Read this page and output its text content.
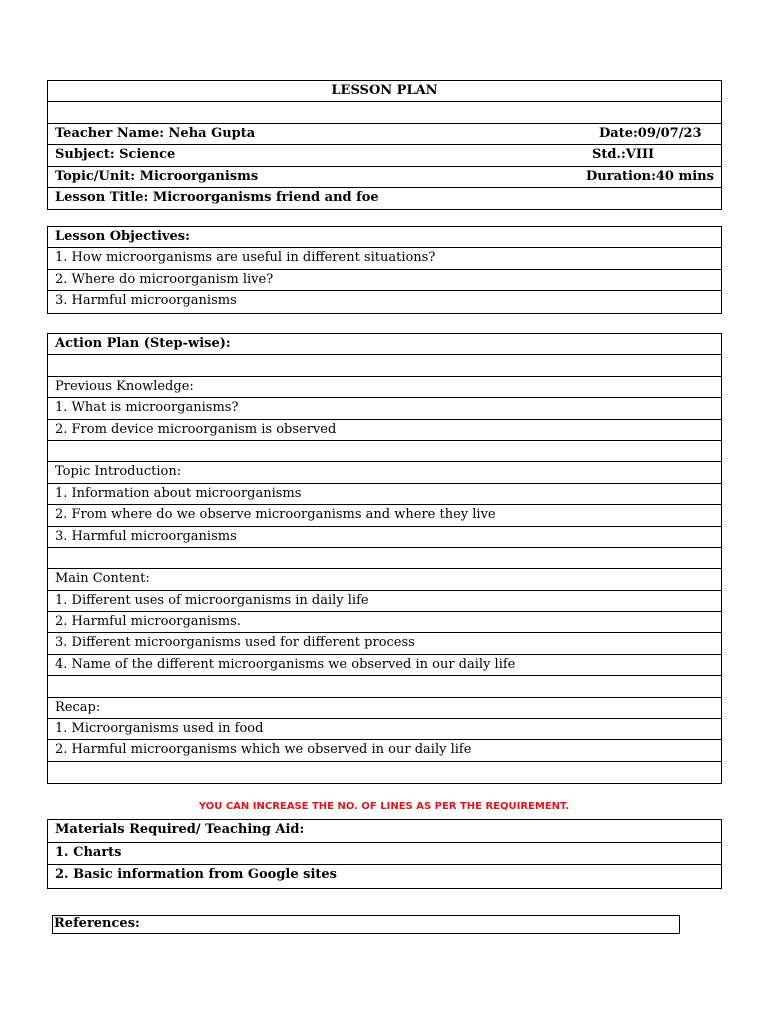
LESSON PLAN
Teacher Name: Neha Gupta	Date:09/07/23
Subject: Science	Std.:VIII
Topic/Unit: Microorganisms	Duration:40 mins
Lesson Title: Microorganisms friend and foe
Lesson Objectives:
1. How microorganisms are useful in different situations?
2. Where do microorganism live?
3. Harmful microorganisms
Action Plan (Step-wise):
Previous Knowledge:
1. What is microorganisms?
2. From device microorganism is observed
Topic Introduction:
1. Information about microorganisms
2. From where do we observe microorganisms and where they live
3. Harmful microorganisms
Main Content:
1. Different uses of microorganisms in daily life
2. Harmful microorganisms.
3. Different microorganisms used for different process
4. Name of the different microorganisms we observed in our daily life
Recap:
1. Microorganisms used in food
2. Harmful microorganisms which we observed in our daily life
YOU CAN INCREASE THE NO. OF LINES AS PER THE REQUIREMENT.
Materials Required/ Teaching Aid:
1. Charts
2. Basic information from Google sites
References:
